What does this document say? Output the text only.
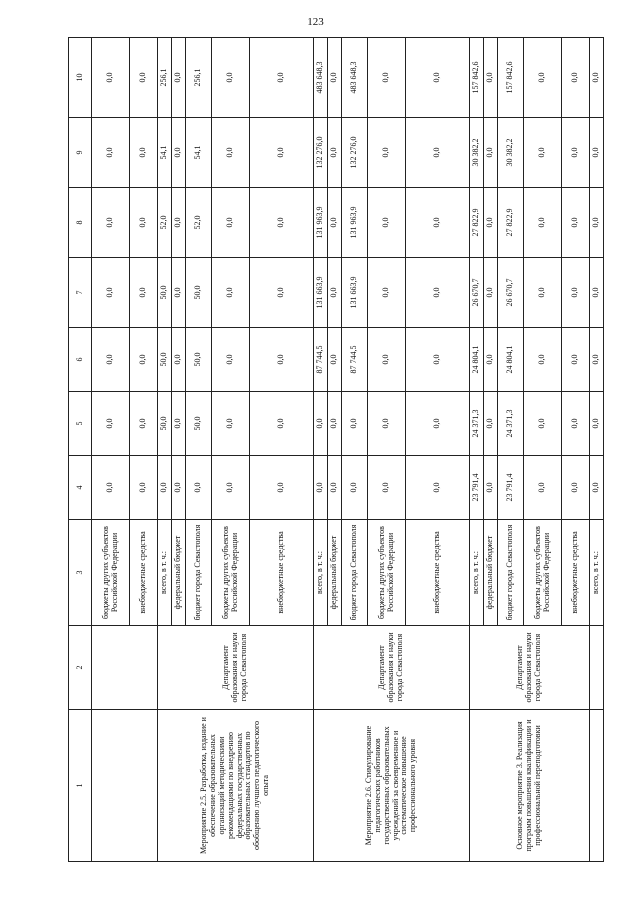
123
1	2	3	4	5	6	7	8	9	10
		бюджеты других субъектов Российской Федерации	0,0	0,0	0,0	0,0	0,0	0,0	0,0
		внебюджетные средства	0,0	0,0	0,0	0,0	0,0	0,0	0,0
Мероприятие 2.5. Разработка, издание и обеспечение образовательных организаций методическими рекомендациями по внедрению федеральных государственных образовательных стандартов по обобщению лучшего педагогического опыта	Департамент образования и науки города Севастополя	всего, в т. ч.:	0,0	50,0	50,0	50,0	52,0	54,1	256,1
		федеральный бюджет	0,0	0,0	0,0	0,0	0,0	0,0	0,0
		бюджет города Севастополя	0,0	50,0	50,0	50,0	52,0	54,1	256,1
		бюджеты других субъектов Российской Федерации	0,0	0,0	0,0	0,0	0,0	0,0	0,0
		внебюджетные средства	0,0	0,0	0,0	0,0	0,0	0,0	0,0
Мероприятие 2.6. Стимулирование педагогических работников государственных образовательных учреждений за своевременное и систематическое повышение профессионального уровня	Департамент образования и науки города Севастополя	всего, в т. ч.:	0,0	0,0	87 744,5	131 663,9	131 963,9	132 276,0	483 648,3
		федеральный бюджет	0,0	0,0	0,0	0,0	0,0	0,0	0,0
		бюджет города Севастополя	0,0	0,0	87 744,5	131 663,9	131 963,9	132 276,0	483 648,3
		бюджеты других субъектов Российской Федерации	0,0	0,0	0,0	0,0	0,0	0,0	0,0
		внебюджетные средства	0,0	0,0	0,0	0,0	0,0	0,0	0,0
Основное мероприятие 3. Реализация программ повышения квалификации и профессиональной переподготовки	Департамент образования и науки города Севастополя	всего, в т. ч.:	23 791,4	24 371,3	24 804,1	26 670,7	27 822,9	30 382,2	157 842,6
		федеральный бюджет	0,0	0,0	0,0	0,0	0,0	0,0	0,0
		бюджет города Севастополя	23 791,4	24 371,3	24 804,1	26 670,7	27 822,9	30 382,2	157 842,6
		бюджеты других субъектов Российской Федерации	0,0	0,0	0,0	0,0	0,0	0,0	0,0
		внебюджетные средства	0,0	0,0	0,0	0,0	0,0	0,0	0,0
		всего, в т. ч.:	0,0	0,0	0,0	0,0	0,0	0,0	0,0
